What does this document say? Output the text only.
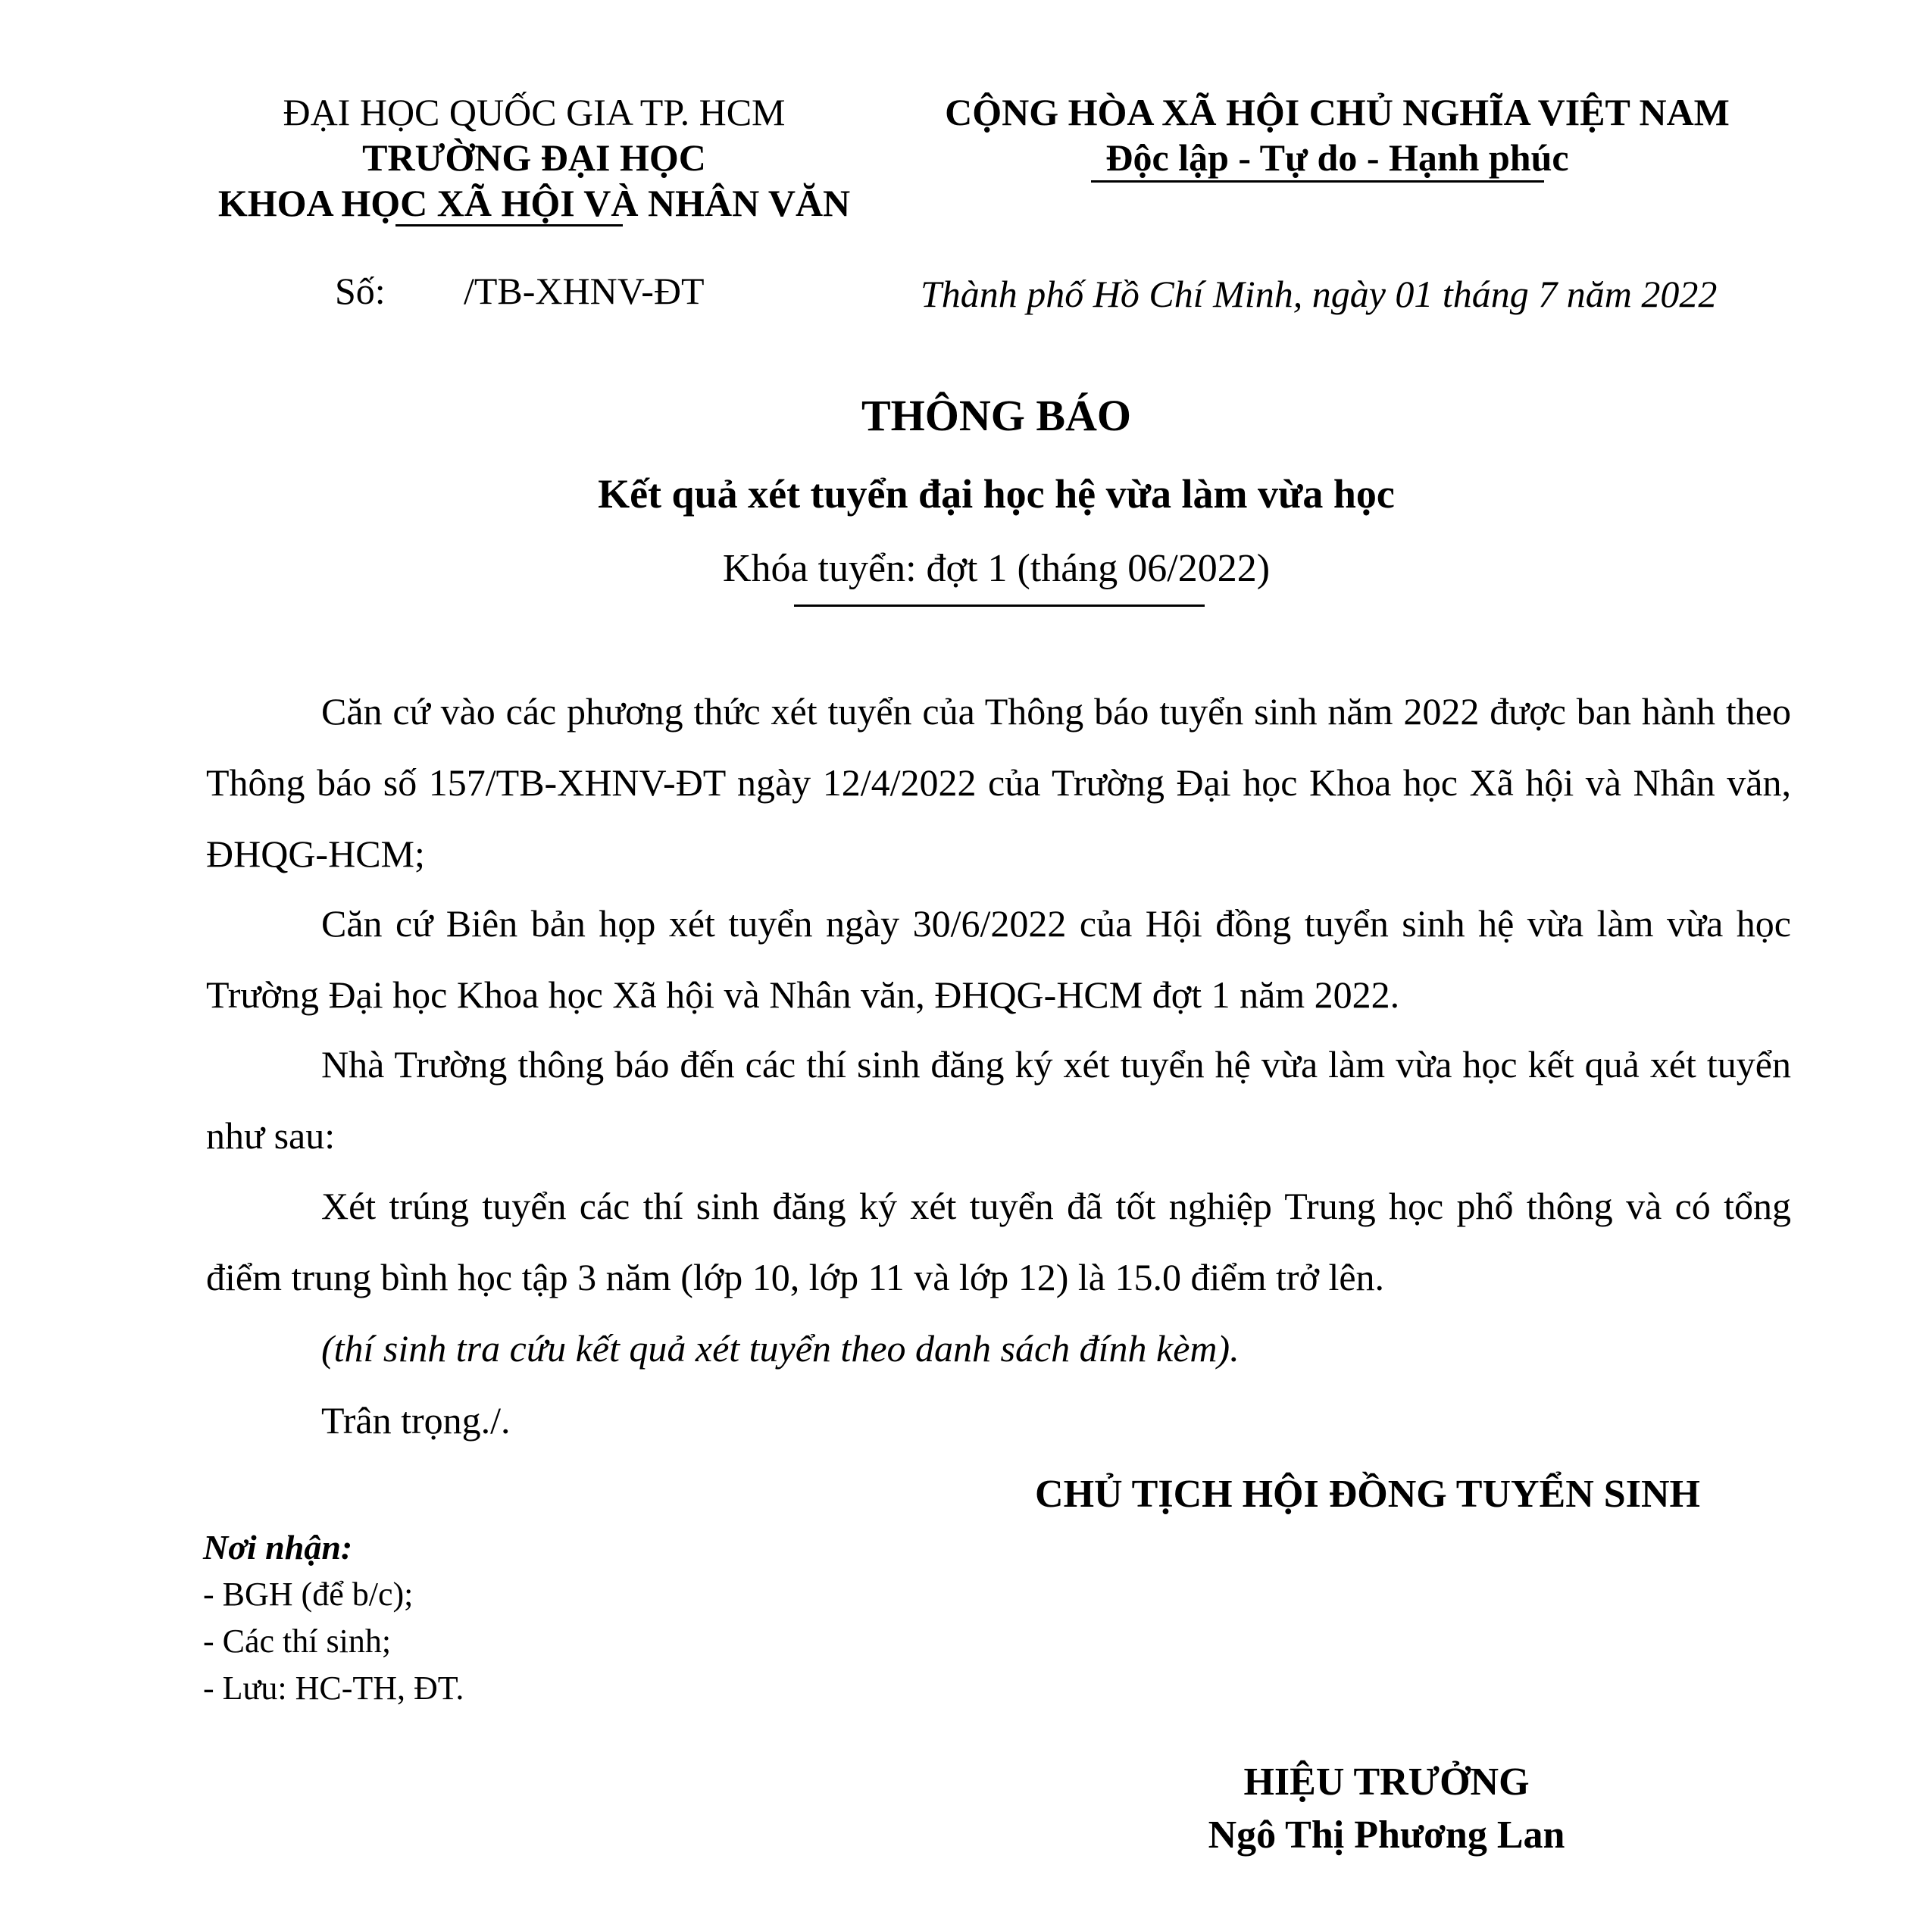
ĐẠI HỌC QUỐC GIA TP. HCM
TRƯỜNG ĐẠI HỌC
KHOA HỌC XÃ HỘI VÀ NHÂN VĂN
CỘNG HÒA XÃ HỘI CHỦ NGHĨA VIỆT NAM
Độc lập - Tự do - Hạnh phúc
Số: /TB-XHNV-ĐT	Thành phố Hồ Chí Minh, ngày 01 tháng 7 năm 2022
THÔNG BÁO
Kết quả xét tuyển đại học hệ vừa làm vừa học
Khóa tuyển: đợt 1 (tháng 06/2022)
Căn cứ vào các phương thức xét tuyển của Thông báo tuyển sinh năm 2022 được ban hành theo Thông báo số 157/TB-XHNV-ĐT ngày 12/4/2022 của Trường Đại học Khoa học Xã hội và Nhân văn, ĐHQG-HCM;
Căn cứ Biên bản họp xét tuyển ngày 30/6/2022 của Hội đồng tuyển sinh hệ vừa làm vừa học Trường Đại học Khoa học Xã hội và Nhân văn, ĐHQG-HCM đợt 1 năm 2022.
Nhà Trường thông báo đến các thí sinh đăng ký xét tuyển hệ vừa làm vừa học kết quả xét tuyển như sau:
Xét trúng tuyển các thí sinh đăng ký xét tuyển đã tốt nghiệp Trung học phổ thông và có tổng điểm trung bình học tập 3 năm (lớp 10, lớp 11 và lớp 12) là 15.0 điểm trở lên.
(thí sinh tra cứu kết quả xét tuyển theo danh sách đính kèm).
Trân trọng./.
CHỦ TỊCH HỘI ĐỒNG TUYỂN SINH
Nơi nhận:
- BGH (để b/c);
- Các thí sinh;
- Lưu: HC-TH, ĐT.
HIỆU TRƯỞNG
Ngô Thị Phương Lan
